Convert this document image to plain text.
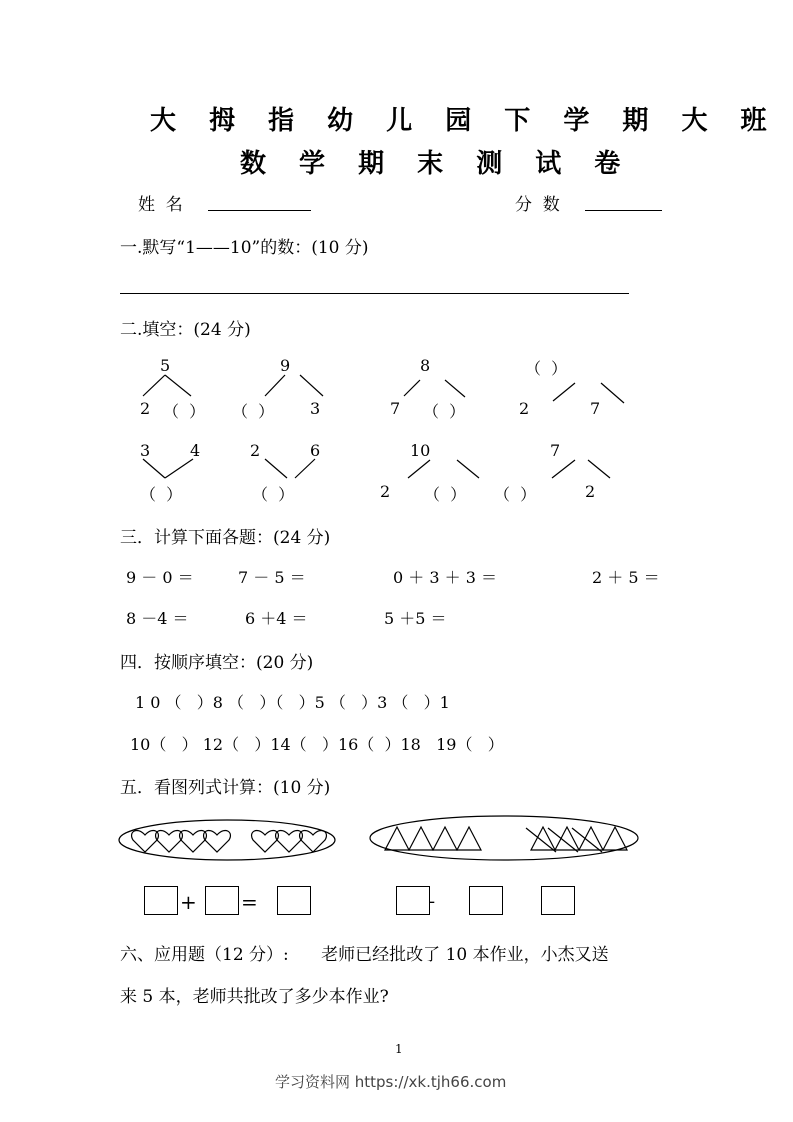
大 拇 指 幼 儿 园 下 学 期 大 班
数 学 期 末 测 试 卷
姓  名	分  数
一.默写“1——10”的数：(10 分)
二.填空：(24 分)
5
2 （  ）
9
（  ） 3
8
7 （  ）
（  ）
2	7
3 4
（  ）
2	6
（  ）
10
2 （  ）
7
（  ）	2
三．计算下面各题：(24 分)
9 － 0 ＝	7 － 5 ＝	0 ＋ 3 ＋ 3 ＝	2 ＋ 5 ＝
8 －4 ＝	6 ＋4 ＝	5 ＋5 ＝
四．按顺序填空：(20 分)
1 0 （   ）8 （   ）（   ）5 （   ）3 （   ）1
10（   ） 12（   ）14（   ）16（  ）18   19（   ）
五．看图列式计算：(10 分)
+ =	-
六、应用题（12 分）:      老师已经批改了 10 本作业，小杰又送
来 5 本，老师共批改了多少本作业?
1
学习资料网 https://xk.tjh66.com
